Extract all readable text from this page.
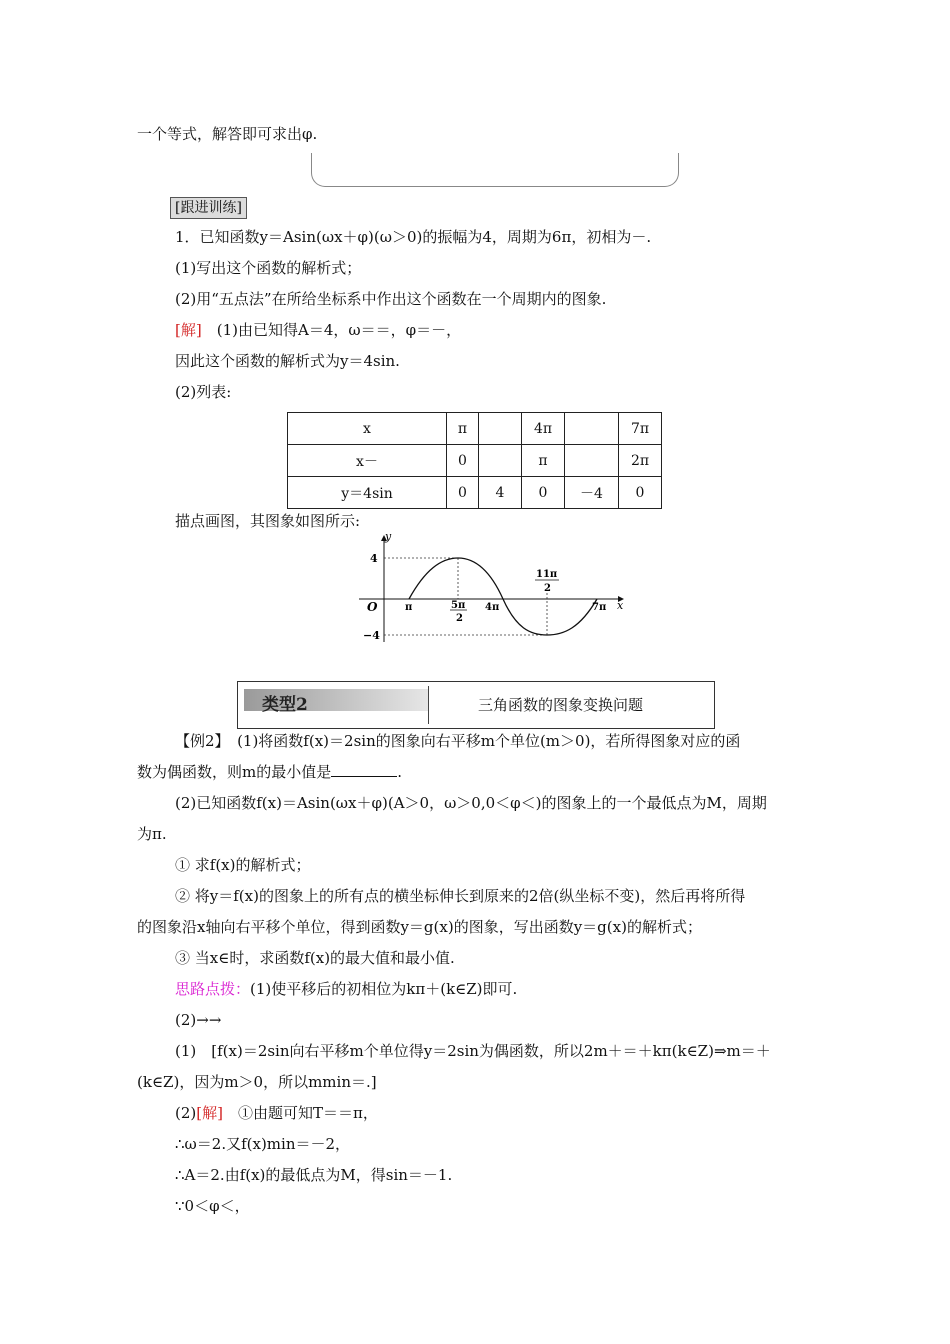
一个等式，解答即可求出φ.
[跟进训练]
1．已知函数y＝Asin(ωx＋φ)(ω＞0)的振幅为4，周期为6π，初相为－.
(1)写出这个函数的解析式；
(2)用“五点法”在所给坐标系中作出这个函数在一个周期内的图象.
[解]　 (1)由已知得A＝4，ω＝＝，φ＝－，
因此这个函数的解析式为y＝4sin.
(2)列表:
x	π		4π		7π
x－	0		π		2π
y＝4sin	0	4	0	－4	0
描点画图，其图象如图所示:
y
x
O
4
−4
π	4π	7π
5π
2
11π
2
类型2	三角函数的图象变换问题
【例2】　 (1)将函数f(x)＝2sin的图象向右平移m个单位(m＞0)，若所得图象对应的函
数为偶函数，则m的最小值是	.
(2)已知函数f(x)＝Asin(ωx＋φ)(A＞0，ω＞0,0＜φ＜)的图象上的一个最低点为M，周期
为π.
① 求f(x)的解析式；
② 将y＝f(x)的图象上的所有点的横坐标伸长到原来的2倍(纵坐标不变)，然后再将所得
的图象沿x轴向右平移个单位，得到函数y＝g(x)的图象，写出函数y＝g(x)的解析式；
③ 当x∈时，求函数f(x)的最大值和最小值.
思路点拨：(1)使平移后的初相位为kπ＋(k∈Z)即可.
(2)→→
(1)　[f(x)＝2sin向右平移m个单位得y＝2sin为偶函数，所以2m＋＝＋kπ(k∈Z)⇒m＝＋
(k∈Z)，因为m＞0，所以mmin＝.]
(2)[解]　 ①由题可知T＝＝π，
∴ω＝2.又f(x)min＝－2，
∴A＝2.由f(x)的最低点为M，得sin＝－1.
∵0＜φ＜，
